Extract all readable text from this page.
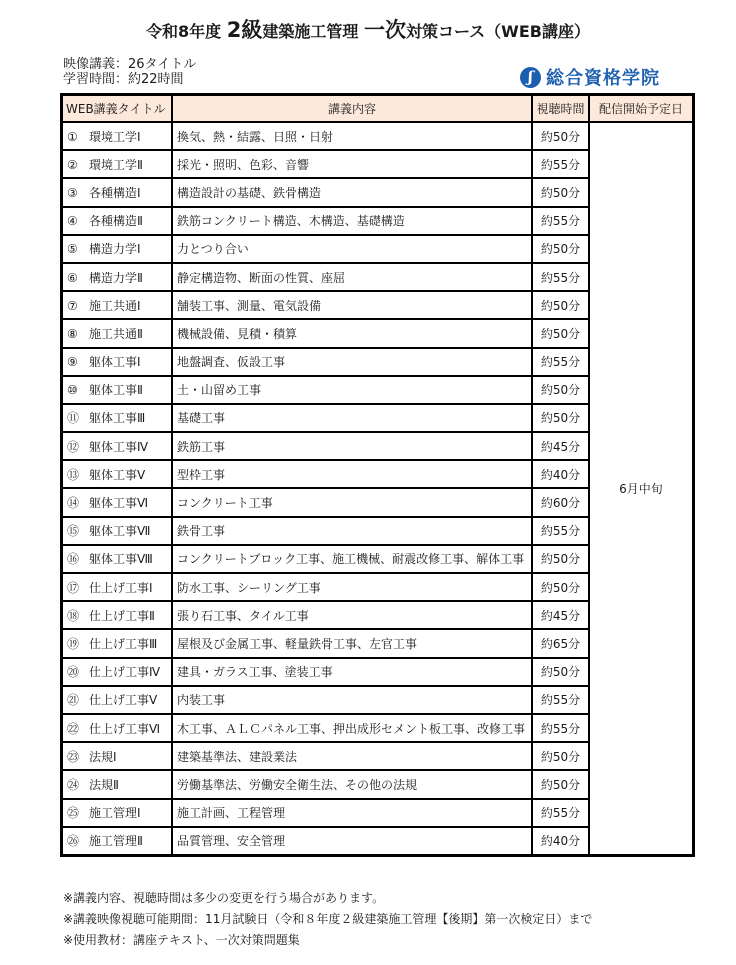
令和8年度 2級建築施工管理 一次対策コース（WEB講座）
映像講義：26タイトル
学習時間：約22時間	ʃ 総合資格学院
WEB講義タイトル	講義内容	視聴時間	配信開始予定日
① 環境工学Ⅰ	換気、熱・結露、日照・日射	約50分	6月中旬
② 環境工学Ⅱ	採光・照明、色彩、音響	約55分	
③ 各種構造Ⅰ	構造設計の基礎、鉄骨構造	約50分	
④ 各種構造Ⅱ	鉄筋コンクリート構造、木構造、基礎構造	約55分	
⑤ 構造力学Ⅰ	力とつり合い	約50分	
⑥ 構造力学Ⅱ	静定構造物、断面の性質、座屈	約55分	
⑦ 施工共通Ⅰ	舗装工事、測量、電気設備	約50分	
⑧ 施工共通Ⅱ	機械設備、見積・積算	約50分	
⑨ 躯体工事Ⅰ	地盤調査、仮設工事	約55分	
⑩ 躯体工事Ⅱ	土・山留め工事	約50分	
⑪ 躯体工事Ⅲ	基礎工事	約50分	
⑫ 躯体工事Ⅳ	鉄筋工事	約45分	
⑬ 躯体工事Ⅴ	型枠工事	約40分	
⑭ 躯体工事Ⅵ	コンクリート工事	約60分	
⑮ 躯体工事Ⅶ	鉄骨工事	約55分	
⑯ 躯体工事Ⅷ	コンクリートブロック工事、施工機械、耐震改修工事、解体工事	約50分	
⑰ 仕上げ工事Ⅰ	防水工事、シーリング工事	約50分	
⑱ 仕上げ工事Ⅱ	張り石工事、タイル工事	約45分	
⑲ 仕上げ工事Ⅲ	屋根及び金属工事、軽量鉄骨工事、左官工事	約65分	
⑳ 仕上げ工事Ⅳ	建具・ガラス工事、塗装工事	約50分	
㉑ 仕上げ工事Ⅴ	内装工事	約55分	
㉒ 仕上げ工事Ⅵ	木工事、ＡＬＣパネル工事、押出成形セメント板工事、改修工事	約55分	
㉓ 法規Ⅰ	建築基準法、建設業法	約50分	
㉔ 法規Ⅱ	労働基準法、労働安全衛生法、その他の法規	約50分	
㉕ 施工管理Ⅰ	施工計画、工程管理	約55分	
㉖ 施工管理Ⅱ	品質管理、安全管理	約40分	
※講義内容、視聴時間は多少の変更を行う場合があります。
※講義映像視聴可能期間：11月試験日（令和８年度２級建築施工管理【後期】第一次検定日）まで
※使用教材：講座テキスト、一次対策問題集
